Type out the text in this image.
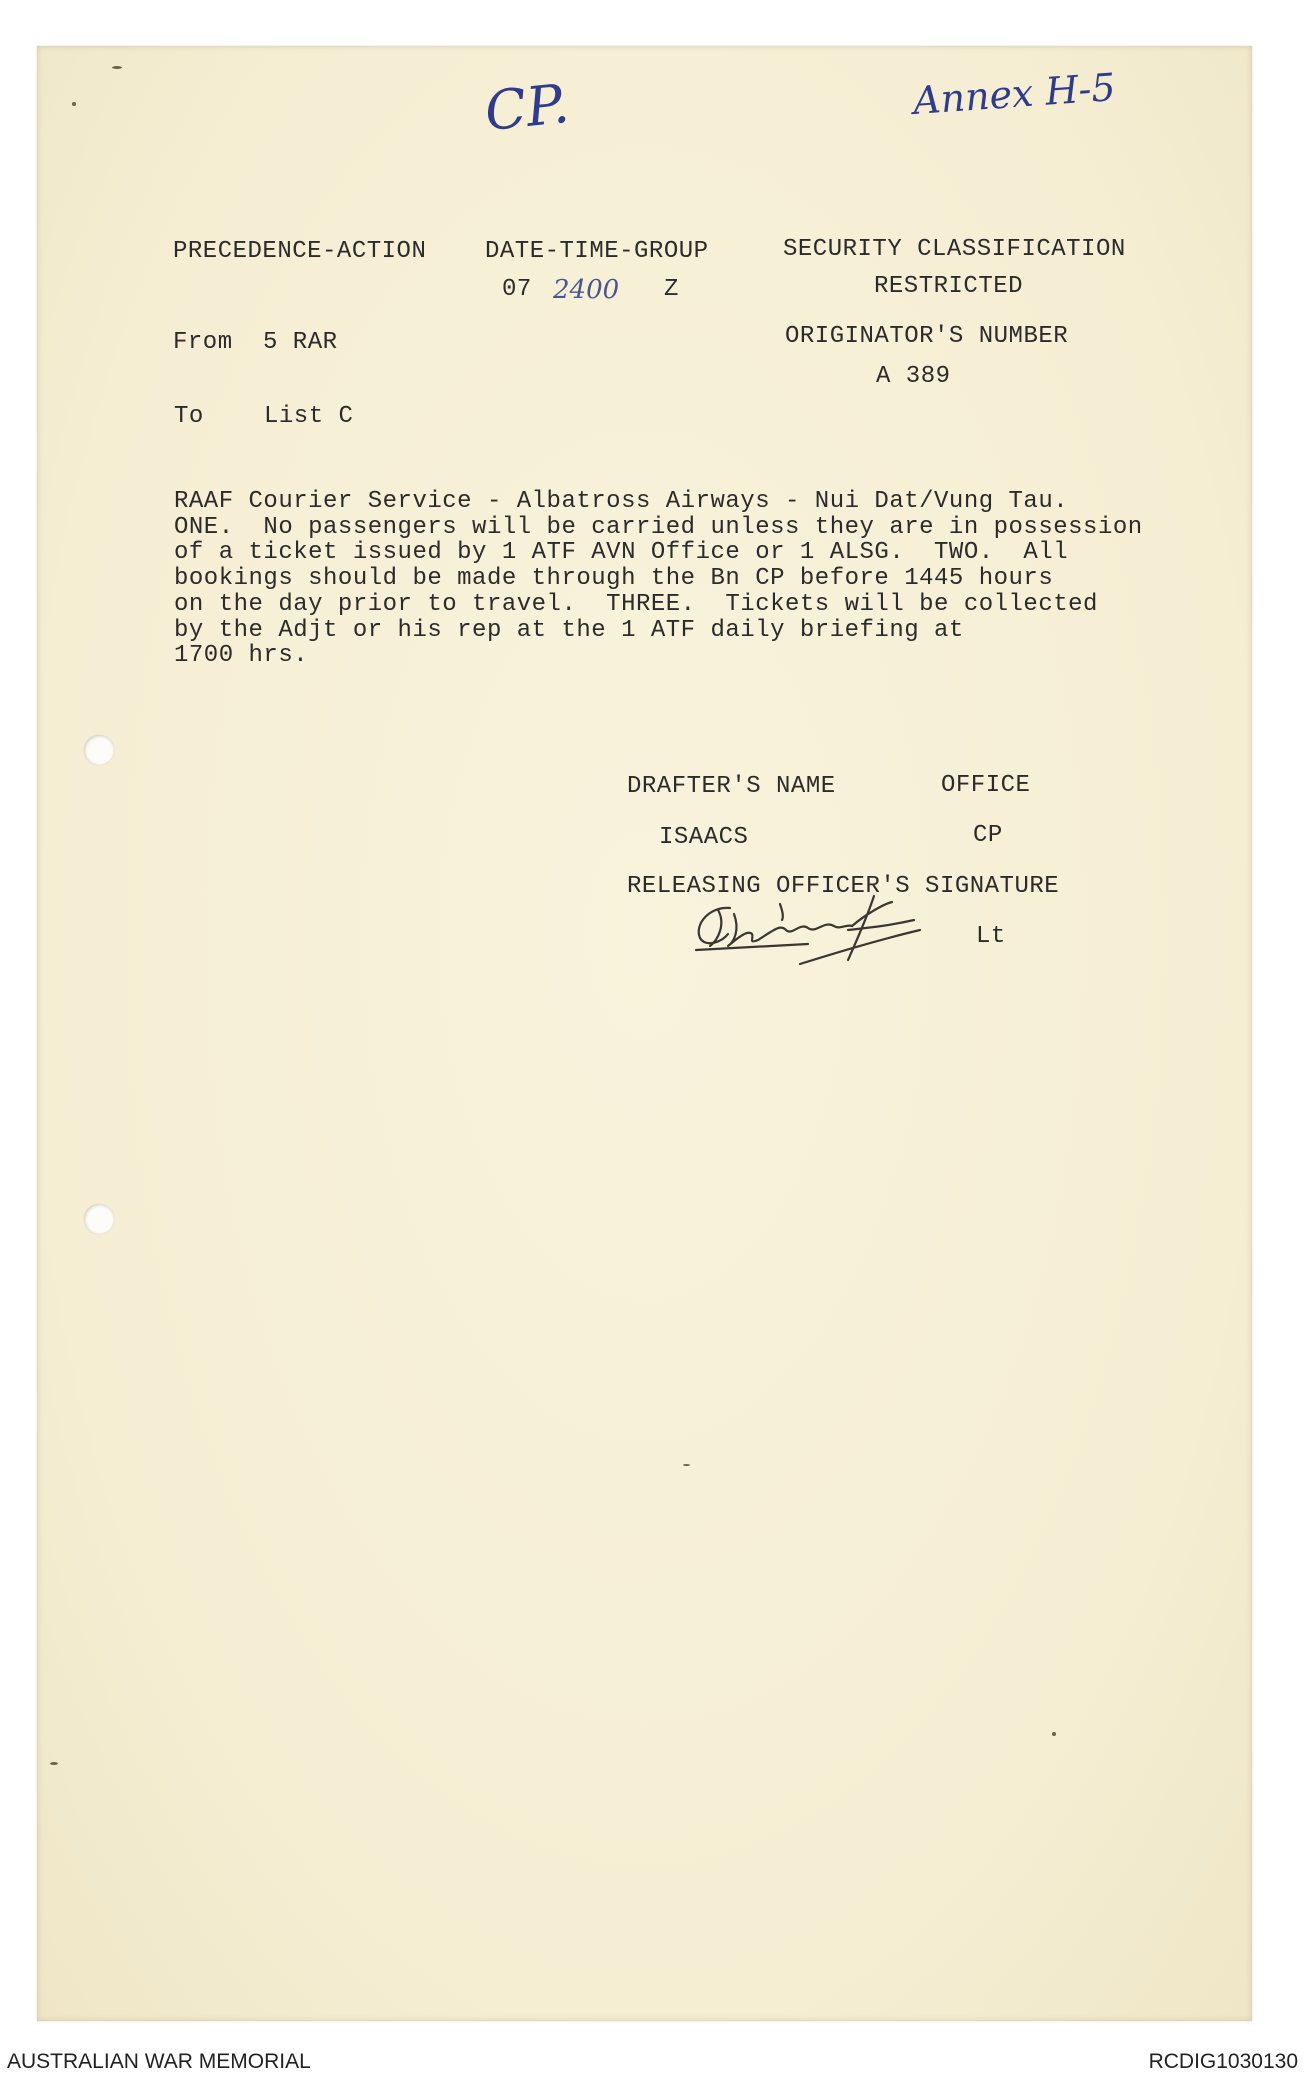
CP.	Annex H-5
PRECEDENCE-ACTION DATE-TIME-GROUP	SECURITY CLASSIFICATION
07 2400 Z	RESTRICTED
From 5 RAR	ORIGINATOR'S NUMBER
A 389
To	List C
RAAF Courier Service - Albatross Airways - Nui Dat/Vung Tau.
ONE.  No passengers will be carried unless they are in possession
of a ticket issued by 1 ATF AVN Office or 1 ALSG.  TWO.  All
bookings should be made through the Bn CP before 1445 hours
on the day prior to travel.  THREE.  Tickets will be collected
by the Adjt or his rep at the 1 ATF daily briefing at
1700 hrs.
DRAFTER'S NAME	OFFICE
ISAACS	CP
RELEASING OFFICER'S SIGNATURE
Lt
AUSTRALIAN WAR MEMORIAL	RCDIG1030130
